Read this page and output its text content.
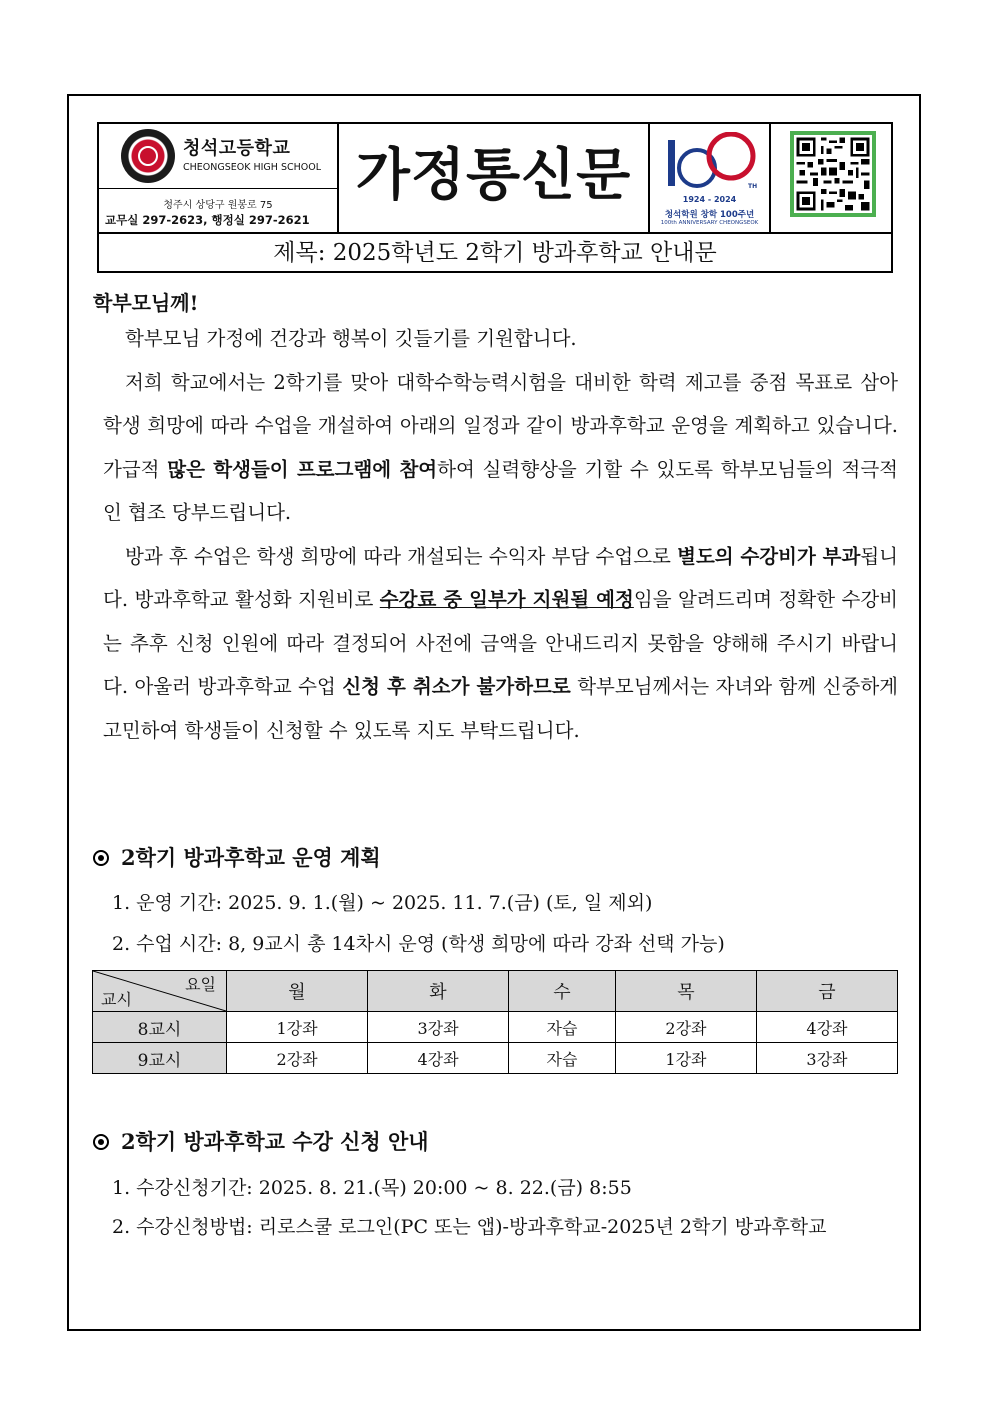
청석고등학교
CHEONGSEOK HIGH SCHOOL
청주시 상당구 원봉로 75
교무실 297-2623, 행정실 297-2621
가정통신문	TH
1924 - 2024
청석학원 창학 100주년
100th ANNIVERSARY CHEONGSEOK
제목: 2025학년도 2학기 방과후학교 안내문
학부모님께!

학부모님 가정에 건강과 행복이 깃들기를 기원합니다.

저희 학교에서는 2학기를 맞아 대학수학능력시험을 대비한 학력 제고를 중점 목표로 삼아 학생 희망에 따라 수업을 개설하여 아래의 일정과 같이 방과후학교 운영을 계획하고 있습니다. 가급적 많은 학생들이 프로그램에 참여하여 실력향상을 기할 수 있도록 학부모님들의 적극적인 협조 당부드립니다.

방과 후 수업은 학생 희망에 따라 개설되는 수익자 부담 수업으로 별도의 수강비가 부과됩니다. 방과후학교 활성화 지원비로 수강료 중 일부가 지원될 예정임을 알려드리며 정확한 수강비는 추후 신청 인원에 따라 결정되어 사전에 금액을 안내드리지 못함을 양해해 주시기 바랍니다. 아울러 방과후학교 수업 신청 후 취소가 불가하므로 학부모님께서는 자녀와 함께 신중하게 고민하여 학생들이 신청할 수 있도록 지도 부탁드립니다.

2학기 방과후학교 운영 계획
1. 운영 기간: 2025. 9. 1.(월) ~ 2025. 11. 7.(금) (토, 일 제외)
2. 수업 시간: 8, 9교시 총 14차시 운영 (학생 희망에 따라 강좌 선택 가능)
요일
교시	월	화	수	목	금
8교시	1강좌	3강좌	자습	2강좌	4강좌
9교시	2강좌	4강좌	자습	1강좌	3강좌
2학기 방과후학교 수강 신청 안내
1. 수강신청기간: 2025. 8. 21.(목) 20:00 ~ 8. 22.(금) 8:55
2. 수강신청방법: 리로스쿨 로그인(PC 또는 앱)-방과후학교-2025년 2학기 방과후학교
